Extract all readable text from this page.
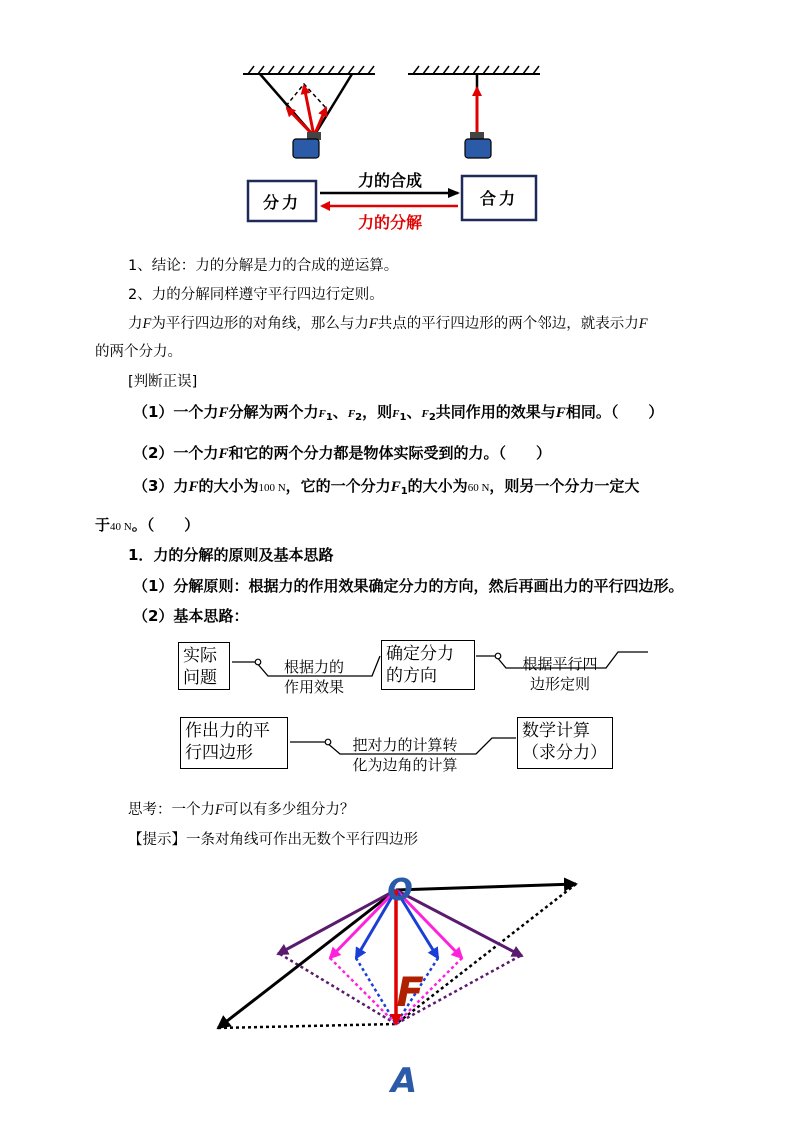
分力	合力
力的合成
力的分解
1、结论：力的分解是力的合成的逆运算。
2、力的分解同样遵守平行四边行定则。
力F为平行四边形的对角线，那么与力F共点的平行四边形的两个邻边，就表示力F
的两个分力。
[判断正误]
（1）一个力F分解为两个力$F_1$、$F_2$，则$F_1$、$F_2$共同作用的效果与F相同。（　　）
（2）一个力F和它的两个分力都是物体实际受到的力。（　　）
（3）力F的大小为100 N，它的一个分力$F_1$的大小为60 N，则另一个分力一定大
于40 N。（　　）
1．力的分解的原则及基本思路
（1）分解原则：根据力的作用效果确定分力的方向，然后再画出力的平行四边形。
（2）基本思路：
实际
问题
根据力的
作用效果
确定分力
的方向
根据平行四
边形定则
作出力的平
行四边形	把对力的计算转
化为边角的计算
数学计算
（求分力）
思考：一个力F可以有多少组分力？
【提示】一条对角线可作出无数个平行四边形
O
F
A
